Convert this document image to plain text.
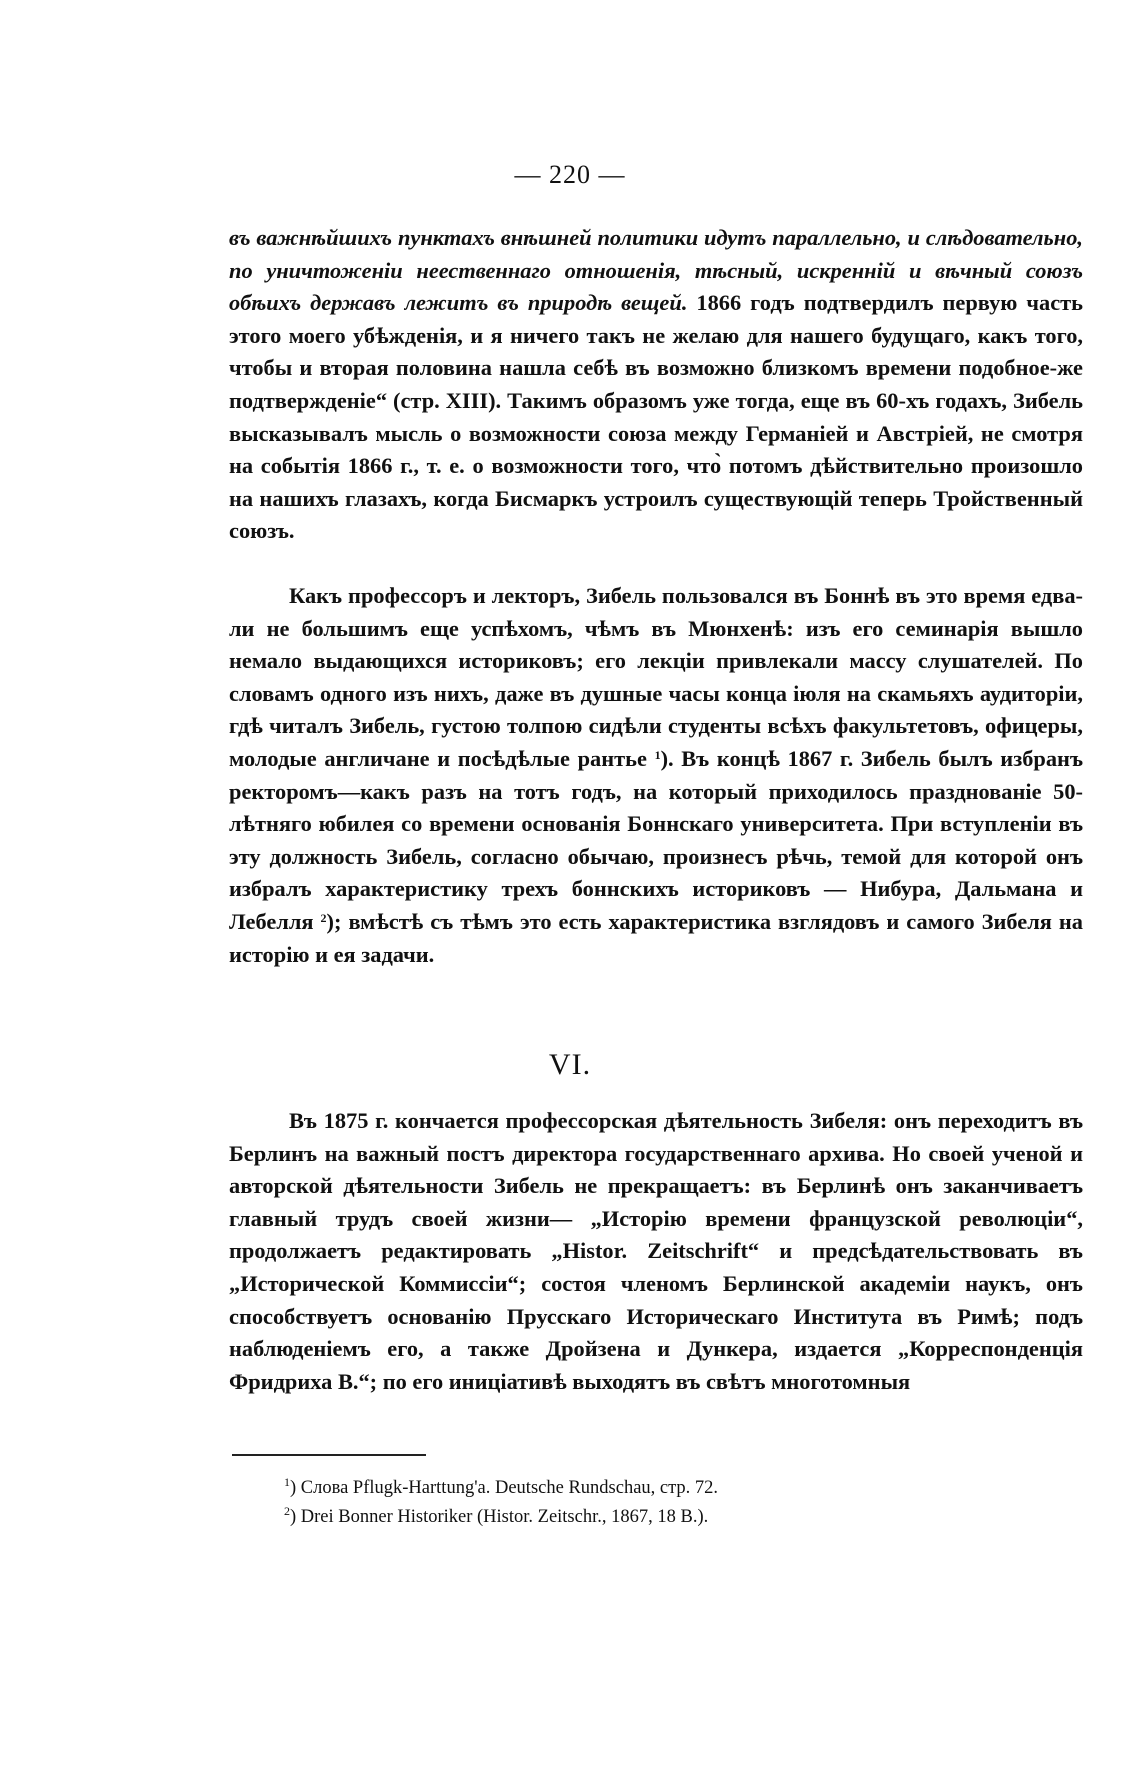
— 220 —

въ важнѣйшихъ пунктахъ внѣшней политики идутъ параллельно, и слѣдовательно, по уничтоженіи неественнаго отношенія, тѣсный, искренній и вѣчный союзъ обѣихъ державъ лежитъ въ природѣ вещей. 1866 годъ подтвердилъ первую часть этого моего убѣжденія, и я ничего такъ не желаю для нашего будущаго, какъ того, чтобы и вторая половина нашла себѣ въ возможно близкомъ времени подобное-же подтвержденіе“ (стр. XIII). Такимъ образомъ уже тогда, еще въ 60-хъ годахъ, Зибель высказывалъ мысль о возможности союза между Германіей и Австріей, не смотря на событія 1866 г., т. е. о возможности того, что̀ потомъ дѣйствительно произошло на нашихъ глазахъ, когда Бисмаркъ устроилъ существующій теперь Тройственный союзъ.

Какъ профессоръ и лекторъ, Зибель пользовался въ Боннѣ въ это время едва-ли не большимъ еще успѣхомъ, чѣмъ въ Мюнхенѣ: изъ его семинарія вышло немало выдающихся историковъ; его лекціи привлекали массу слушателей. По словамъ одного изъ нихъ, даже въ душные часы конца іюля на скамьяхъ аудиторіи, гдѣ читалъ Зибель, густою толпою сидѣли студенты всѣхъ факультетовъ, офицеры, молодые англичане и посѣдѣлые рантье $^1$). Въ концѣ 1867 г. Зибель былъ избранъ ректоромъ—какъ разъ на тотъ годъ, на который приходилось празднованіе 50-лѣтняго юбилея со времени основанія Боннскаго университета. При вступленіи въ эту должность Зибель, согласно обычаю, произнесъ рѣчь, темой для которой онъ избралъ характеристику трехъ боннскихъ историковъ — Нибура, Дальмана и Лебелля $^2$); вмѣстѣ съ тѣмъ это есть характеристика взглядовъ и самого Зибеля на исторію и ея задачи.

VI.

Въ 1875 г. кончается профессорская дѣятельность Зибеля: онъ переходитъ въ Берлинъ на важный постъ директора государственнаго архива. Но своей ученой и авторской дѣятельности Зибель не прекращаетъ: въ Берлинѣ онъ заканчиваетъ главный трудъ своей жизни— „Исторію времени французской революціи“, продолжаетъ редактировать „Histor. Zeitschrift“ и предсѣдательствовать въ „Исторической Коммиссіи“; состоя членомъ Берлинской академіи наукъ, онъ способствуетъ основанію Прусскаго Историческаго Института въ Римѣ; подъ наблюденіемъ его, а также Дройзена и Дункера, издается „Корреспонденція Фридриха В.“; по его иниціативѣ выходятъ въ свѣтъ многотомныя

$^1$) Слова Pflugk-Harttung'a. Deutsche Rundschau, стр. 72.
$^2$) Drei Bonner Historiker (Histor. Zeitschr., 1867, 18 B.).
